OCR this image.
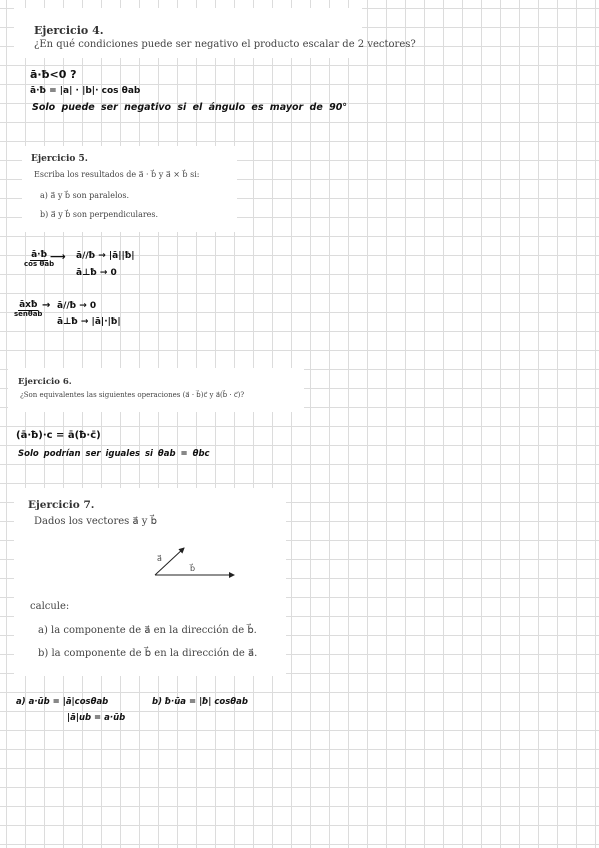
Ejercicio 4.
¿En qué condiciones puede ser negativo el producto escalar de 2 vectores?
ā·ƀ<0 ?
ā·ƀ = |a| · |b|· cos θab
Solo puede ser negativo si el ángulo es mayor de 90°
Ejercicio 5.
Escriba los resultados de a⃗ · b⃗ y a⃗ × b⃗ si:
a) a⃗ y b⃗ son paralelos.
b) a⃗ y b⃗ son perpendiculares.
ā·ƀ
cos θab
⟶ ā//ƀ → |ā||ƀ|
ā⊥ƀ → 0
āxƀ
senθab
→ ā//ƀ → 0
ā⊥ƀ → |ā|·|ƀ|
Ejercicio 6.
¿Son equivalentes las siguientes operaciones (a⃗ · b⃗)c⃗ y a⃗(b⃗ · c⃗)?
(ā·ƀ)·c = ā(ƀ·c̄)
Solo podrían ser iguales si θab = θbc
Ejercicio 7.
Dados los vectores a⃗ y b⃗
a⃗
b⃗
calcule:
a) la componente de a⃗ en la dirección de b⃗.
b) la componente de b⃗ en la dirección de a⃗.
a) a·ūb = |ā|cosθab
|ā|ub = a·ūb
b) ƀ·ūa = |ƀ| cosθab
